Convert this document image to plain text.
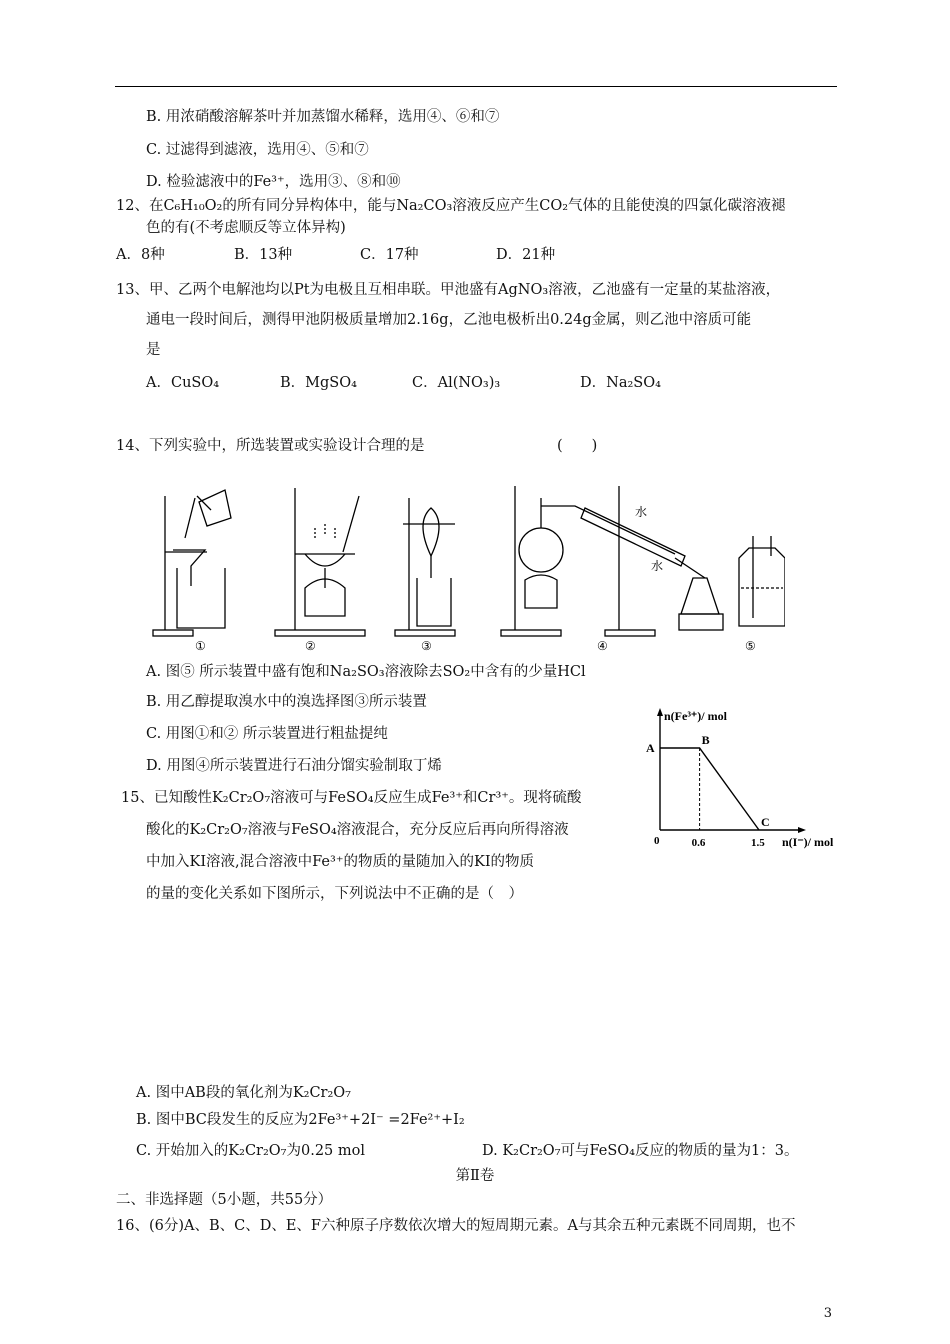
B. 用浓硝酸溶解茶叶并加蒸馏水稀释，选用④、⑥和⑦
C. 过滤得到滤液，选用④、⑤和⑦
D. 检验滤液中的Fe³⁺，选用③、⑧和⑩
12、在C₆H₁₀O₂的所有同分异构体中，能与Na₂CO₃溶液反应产生CO₂气体的且能使溴的四氯化碳溶液褪
色的有(不考虑顺反等立体异构)
A．8种	B．13种	C．17种	D．21种
13、甲、乙两个电解池均以Pt为电极且互相串联。甲池盛有AgNO₃溶液，乙池盛有一定量的某盐溶液，
通电一段时间后，测得甲池阴极质量增加2.16g，乙池电极析出0.24g金属，则乙池中溶质可能
是
A．CuSO₄	B．MgSO₄	C．Al(NO₃)₃	D．Na₂SO₄
14、下列实验中，所选装置或实验设计合理的是	(　　)
水
水
①	②	③	④	⑤
A. 图⑤ 所示装置中盛有饱和Na₂SO₃溶液除去SO₂中含有的少量HCl
B. 用乙醇提取溴水中的溴选择图③所示装置
C. 用图①和② 所示装置进行粗盐提纯
D. 用图④所示装置进行石油分馏实验制取丁烯
15、已知酸性K₂Cr₂O₇溶液可与FeSO₄反应生成Fe³⁺和Cr³⁺。现将硫酸
酸化的K₂Cr₂O₇溶液与FeSO₄溶液混合，充分反应后再向所得溶液
中加入KI溶液,混合溶液中Fe³⁺的物质的量随加入的KI的物质
的量的变化关系如下图所示，下列说法中不正确的是（　）
n(Fe³⁺)/ mol
n(I⁻)/ mol
0
A
B
C
0.6	1.5
A. 图中AB段的氧化剂为K₂Cr₂O₇
B. 图中BC段发生的反应为2Fe³⁺+2I⁻ =2Fe²⁺+I₂
C. 开始加入的K₂Cr₂O₇为0.25 mol	D. K₂Cr₂O₇可与FeSO₄反应的物质的量为1：3。
第Ⅱ卷
二、非选择题（5小题，共55分）
16、(6分)A、B、C、D、E、F六种原子序数依次增大的短周期元素。A与其余五种元素既不同周期，也不
3
